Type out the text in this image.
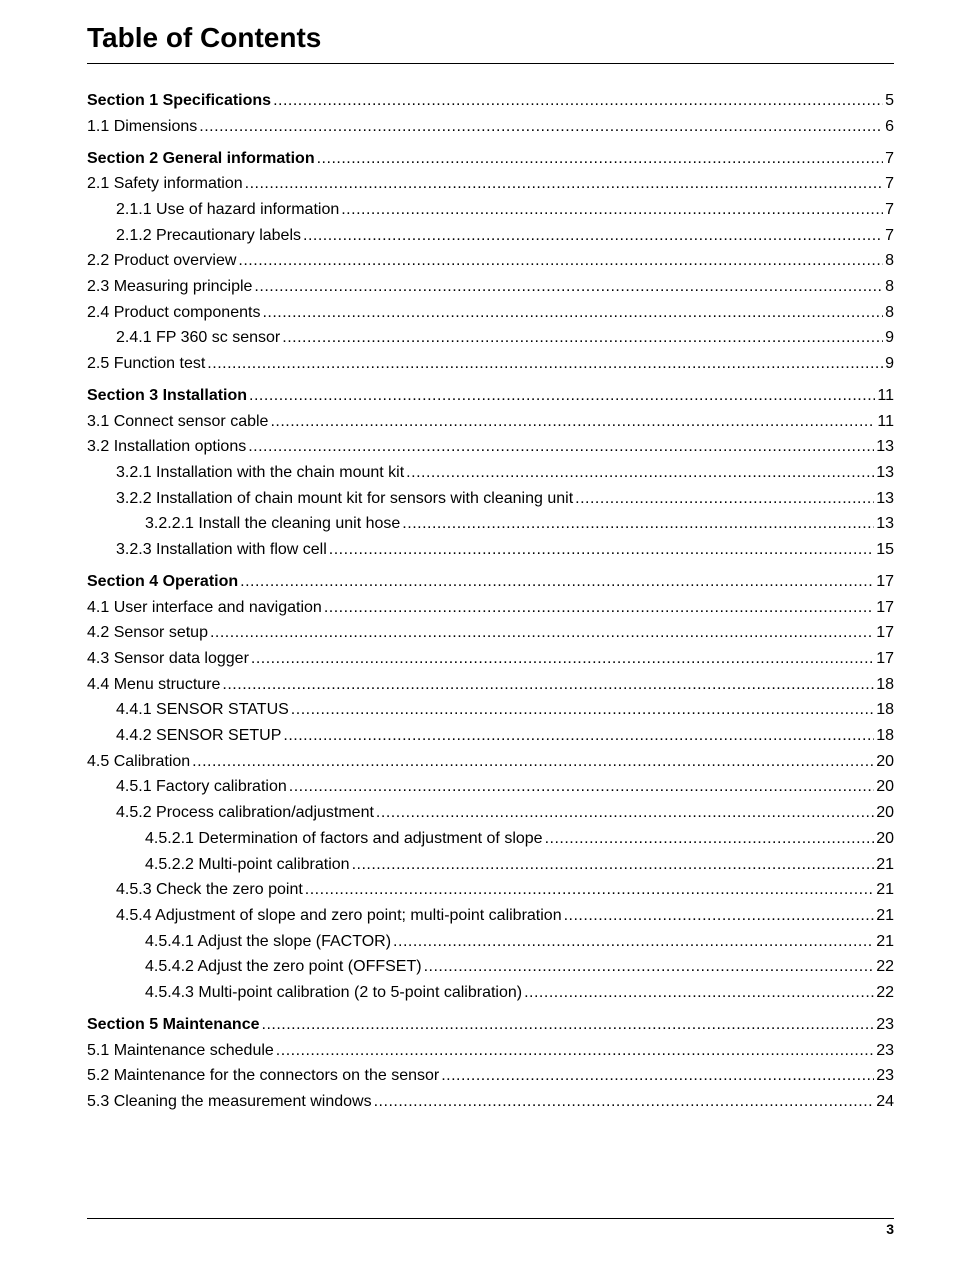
Table of Contents
Section 1 Specifications .....	5
1.1 Dimensions .....	6
Section 2 General information .....	7
2.1 Safety information .....	7
2.1.1 Use of hazard information .....	7
2.1.2 Precautionary labels .....	7
2.2 Product overview .....	8
2.3 Measuring principle .....	8
2.4 Product components .....	8
2.4.1 FP 360 sc sensor .....	9
2.5 Function test .....	9
Section 3 Installation .....	11
3.1 Connect sensor cable .....	11
3.2 Installation options .....	13
3.2.1 Installation with the chain mount kit .....	13
3.2.2 Installation of chain mount kit for sensors with cleaning unit .....	13
3.2.2.1 Install the cleaning unit hose .....	13
3.2.3 Installation with flow cell .....	15
Section 4 Operation .....	17
4.1 User interface and navigation .....	17
4.2 Sensor setup .....	17
4.3 Sensor data logger .....	17
4.4 Menu structure .....	18
4.4.1 SENSOR STATUS .....	18
4.4.2 SENSOR SETUP .....	18
4.5 Calibration .....	20
4.5.1 Factory calibration .....	20
4.5.2 Process calibration/adjustment .....	20
4.5.2.1 Determination of factors and adjustment of slope .....	20
4.5.2.2 Multi-point calibration .....	21
4.5.3 Check the zero point .....	21
4.5.4 Adjustment of slope and zero point; multi-point calibration .....	21
4.5.4.1 Adjust the slope (FACTOR) .....	21
4.5.4.2 Adjust the zero point (OFFSET) .....	22
4.5.4.3 Multi-point calibration (2 to 5-point calibration) .....	22
Section 5 Maintenance .....	23
5.1 Maintenance schedule .....	23
5.2 Maintenance for the connectors on the sensor .....	23
5.3 Cleaning the measurement windows .....	24
3
